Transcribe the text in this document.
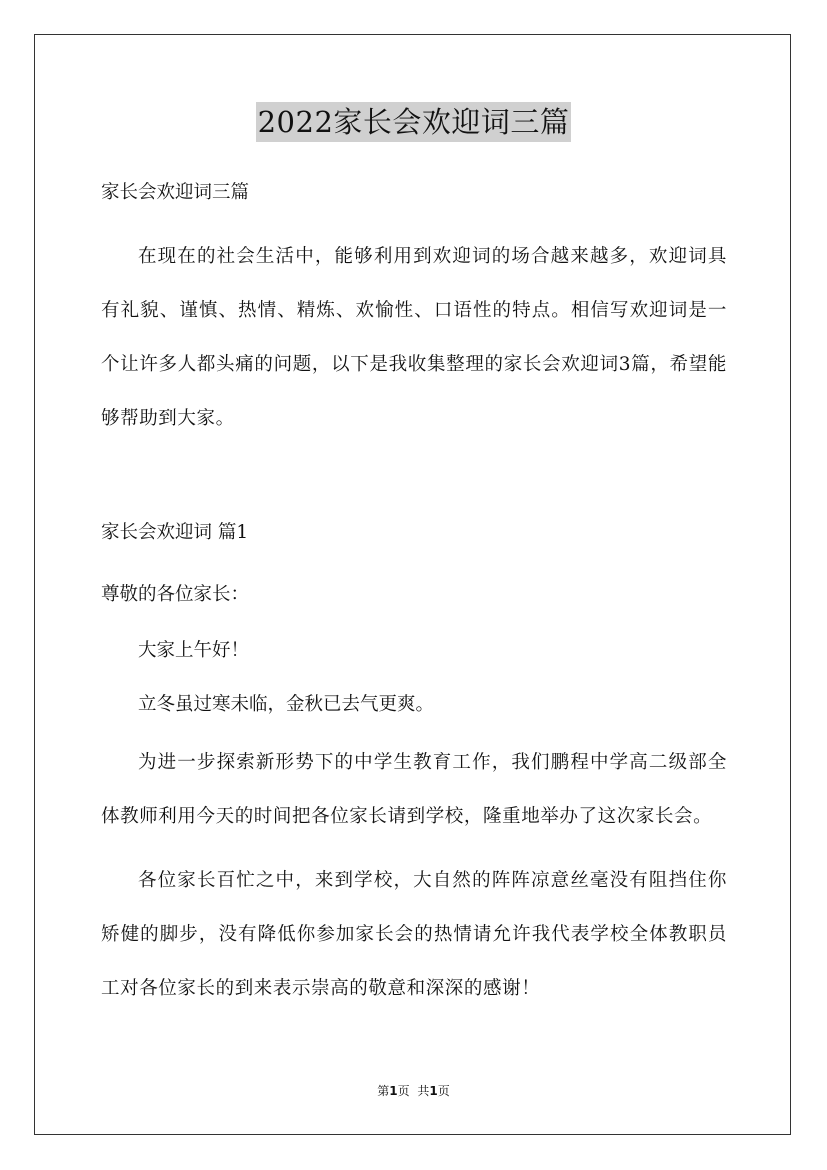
2022家长会欢迎词三篇

家长会欢迎词三篇

在现在的社会生活中，能够利用到欢迎词的场合越来越多，欢迎词具有礼貌、谨慎、热情、精炼、欢愉性、口语性的特点。相信写欢迎词是一个让许多人都头痛的问题，以下是我收集整理的家长会欢迎词3篇，希望能够帮助到大家。

家长会欢迎词 篇1

尊敬的各位家长：

大家上午好！

立冬虽过寒未临，金秋已去气更爽。

为进一步探索新形势下的中学生教育工作，我们鹏程中学高二级部全体教师利用今天的时间把各位家长请到学校，隆重地举办了这次家长会。

各位家长百忙之中，来到学校，大自然的阵阵凉意丝毫没有阻挡住你矫健的脚步，没有降低你参加家长会的热情请允许我代表学校全体教职员工对各位家长的到来表示崇高的敬意和深深的感谢！

第1页 共1页
